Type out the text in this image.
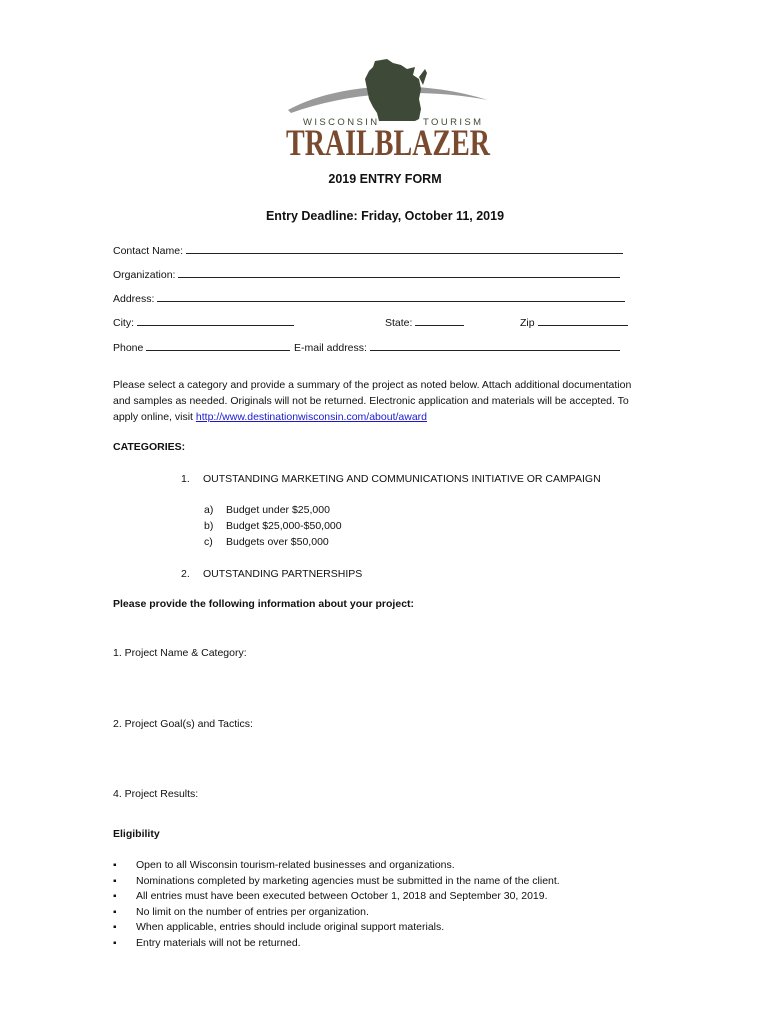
WISCONSIN	TOURISM
TRAILBLAZER
2019 ENTRY FORM
Entry Deadline: Friday, October 11, 2019
Contact Name:
Organization:
Address:
City:	State:	Zip
Phone	E-mail address:
Please select a category and provide a summary of the project as noted below. Attach additional documentation and samples as needed. Originals will not be returned. Electronic application and materials will be accepted. To apply online, visit http://www.destinationwisconsin.com/about/award
CATEGORIES:
1. OUTSTANDING MARKETING AND COMMUNICATIONS INITIATIVE OR CAMPAIGN
a) Budget under $25,000
b) Budget $25,000-$50,000
c) Budgets over $50,000
2. OUTSTANDING PARTNERSHIPS
Please provide the following information about your project:
1. Project Name & Category:
2. Project Goal(s) and Tactics:
4. Project Results:
Eligibility
▪ Open to all Wisconsin tourism-related businesses and organizations.
▪ Nominations completed by marketing agencies must be submitted in the name of the client.
▪ All entries must have been executed between October 1, 2018 and September 30, 2019.
▪ No limit on the number of entries per organization.
▪ When applicable, entries should include original support materials.
▪ Entry materials will not be returned.
